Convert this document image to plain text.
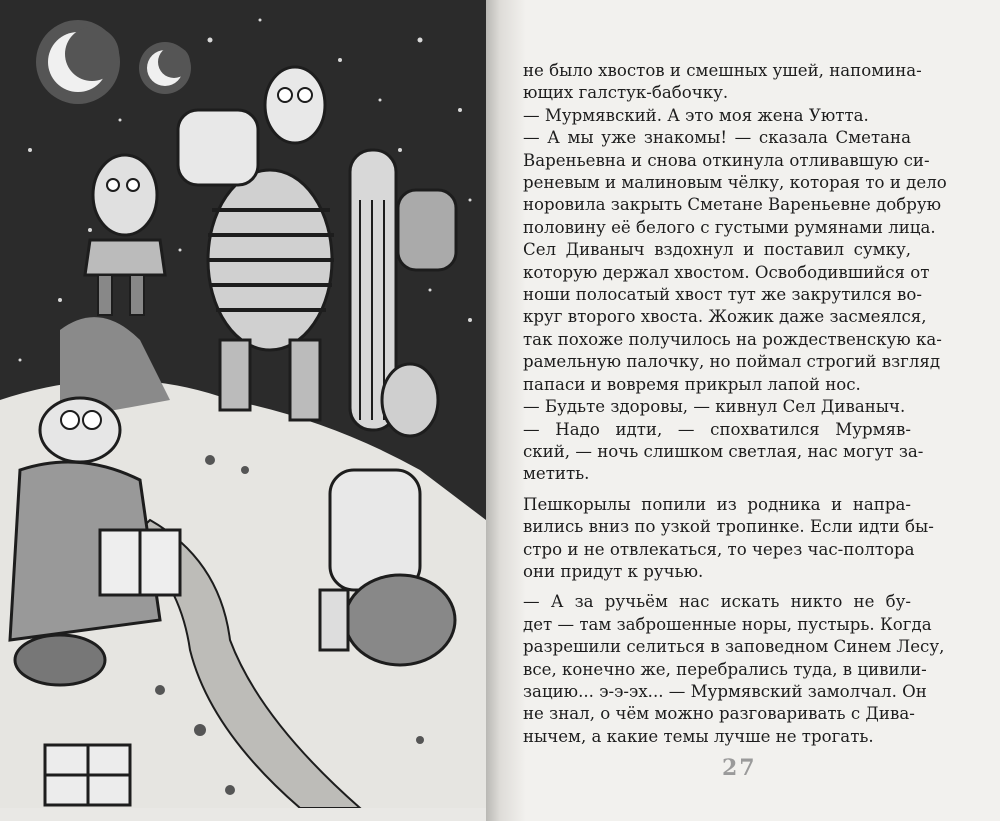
не было хвостов и смешных ушей, напомина-

ющих галстук-бабочку.

— Мурмявский. А это моя жена Уютта.

— А мы уже знакомы! — сказала Сметана

Вареньевна и снова откинула отливавшую си-

реневым и малиновым чёлку, которая то и дело

норовила закрыть Сметане Вареньевне добрую

половину её белого с густыми румянами лица.

Сел Диваныч вздохнул и поставил сумку,

которую держал хвостом. Освободившийся от

ноши полосатый хвост тут же закрутился во-

круг второго хвоста. Жожик даже засмеялся,

так похоже получилось на рождественскую ка-

рамельную палочку, но поймал строгий взгляд

папаси и вовремя прикрыл лапой нос.

— Будьте здоровы, — кивнул Сел Диваныч.

— Надо идти, — спохватился Мурмяв-

ский, — ночь слишком светлая, нас могут за-

метить.

Пешкорылы попили из родника и напра-

вились вниз по узкой тропинке. Если идти бы-

стро и не отвлекаться, то через час-полтора

они придут к ручью.

— А за ручьём нас искать никто не бу-

дет — там заброшенные норы, пустырь. Когда

разрешили селиться в заповедном Синем Лесу,

все, конечно же, перебрались туда, в цивили-

зацию... э-э-эх... — Мурмявский замолчал. Он

не знал, о чём можно разговаривать с Дива-

нычем, а какие темы лучше не трогать.

27
